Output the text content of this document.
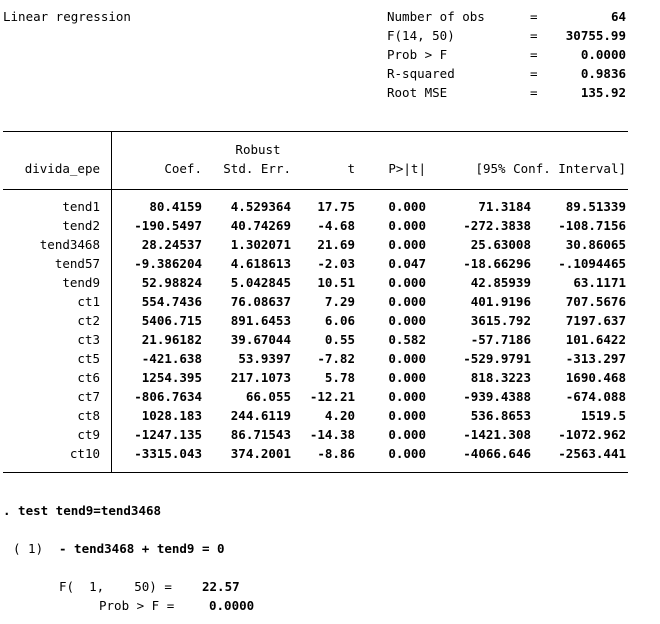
Linear regression	Number of obs	=	64
F(14, 50)	=	30755.99
Prob > F	=	0.0000
R-squared	=	0.9836
Root MSE	=	135.92
Robust
divida_epe	Coef.	Std. Err.	t	P>|t|	[95% Conf. Interval]
tend1	80.4159	4.529364	17.75	0.000	71.3184	89.51339
tend2	-190.5497	40.74269	-4.68	0.000	-272.3838	-108.7156
tend3468	28.24537	1.302071	21.69	0.000	25.63008	30.86065
tend57	-9.386204	4.618613	-2.03	0.047	-18.66296	-.1094465
tend9	52.98824	5.042845	10.51	0.000	42.85939	63.1171
ct1	554.7436	76.08637	7.29	0.000	401.9196	707.5676
ct2	5406.715	891.6453	6.06	0.000	3615.792	7197.637
ct3	21.96182	39.67044	0.55	0.582	-57.7186	101.6422
ct5	-421.638	53.9397	-7.82	0.000	-529.9791	-313.297
ct6	1254.395	217.1073	5.78	0.000	818.3223	1690.468
ct7	-806.7634	66.055	-12.21	0.000	-939.4388	-674.088
ct8	1028.183	244.6119	4.20	0.000	536.8653	1519.5
ct9	-1247.135	86.71543	-14.38	0.000	-1421.308	-1072.962
ct10	-3315.043	374.2001	-8.86	0.000	-4066.646	-2563.441
. test tend9=tend3468
( 1) - tend3468 + tend9 = 0
F(  1,    50) = 22.57
Prob > F =	0.0000
